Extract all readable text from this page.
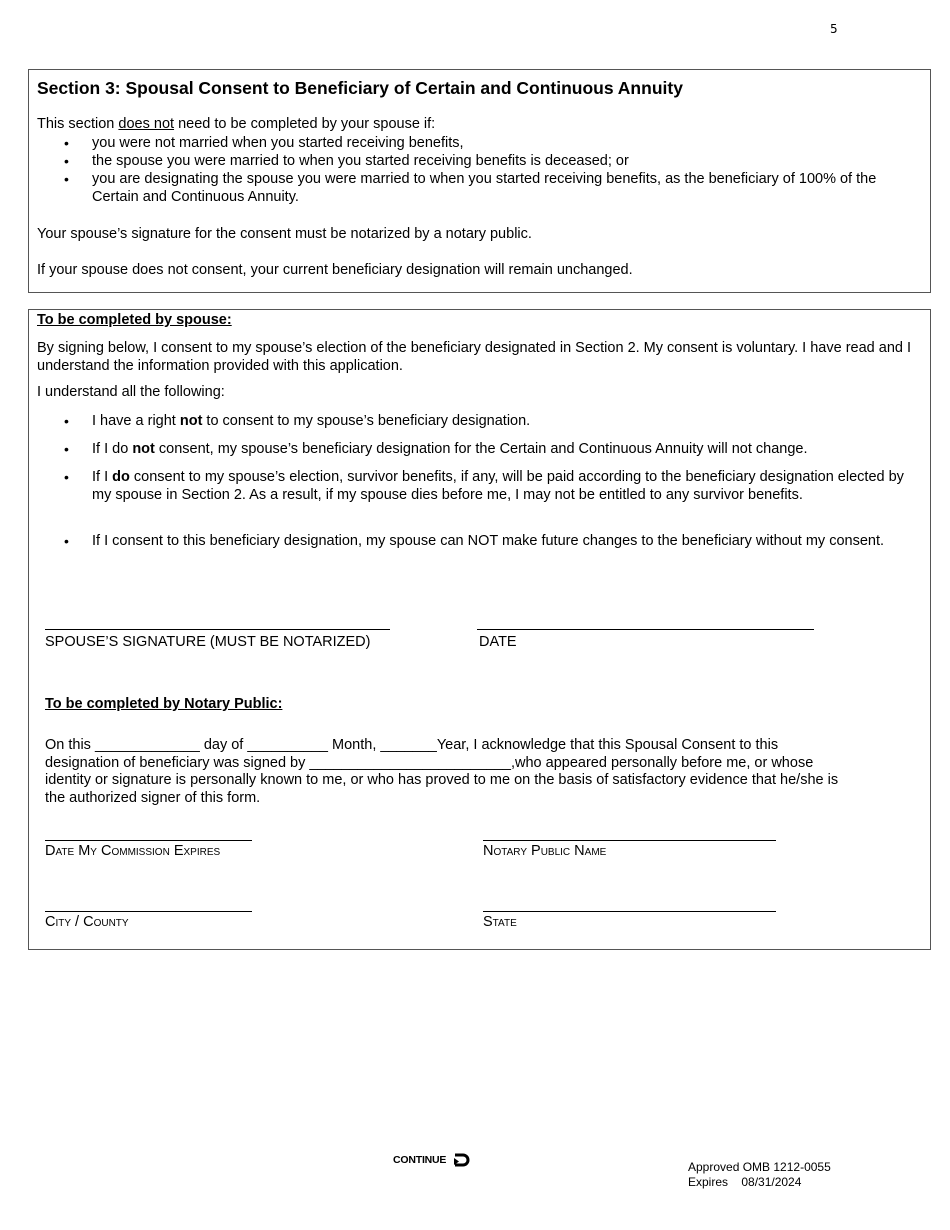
5
Section 3: Spousal Consent to Beneficiary of Certain and Continuous Annuity
This section does not need to be completed by your spouse if:
• you were not married when you started receiving benefits,
• the spouse you were married to when you started receiving benefits is deceased; or
• you are designating the spouse you were married to when you started receiving benefits, as the beneficiary of 100% of the Certain and Continuous Annuity.
Your spouse’s signature for the consent must be notarized by a notary public.
If your spouse does not consent, your current beneficiary designation will remain unchanged.
To be completed by spouse:
By signing below, I consent to my spouse’s election of the beneficiary designated in Section 2. My consent is voluntary. I have read and I understand the information provided with this application.
I understand all the following:
• I have a right not to consent to my spouse’s beneficiary designation.
• If I do not consent, my spouse’s beneficiary designation for the Certain and Continuous Annuity will not change.
• If I do consent to my spouse’s election, survivor benefits, if any, will be paid according to the beneficiary designation elected by my spouse in Section 2. As a result, if my spouse dies before me, I may not be entitled to any survivor benefits.
• If I consent to this beneficiary designation, my spouse can NOT make future changes to the beneficiary without my consent.
SPOUSE’S SIGNATURE (MUST BE NOTARIZED)	DATE
To be completed by Notary Public:
On this _____________ day of __________ Month, _______Year, I acknowledge that this Spousal Consent to this
designation of beneficiary was signed by _________________________,who appeared personally before me, or whose
identity or signature is personally known to me, or who has proved to me on the basis of satisfactory evidence that he/she is
the authorized signer of this form.
Date My Commission Expires	Notary Public Name
City / County	State
CONTINUE	Approved OMB 1212-0055
Expires    08/31/2024
